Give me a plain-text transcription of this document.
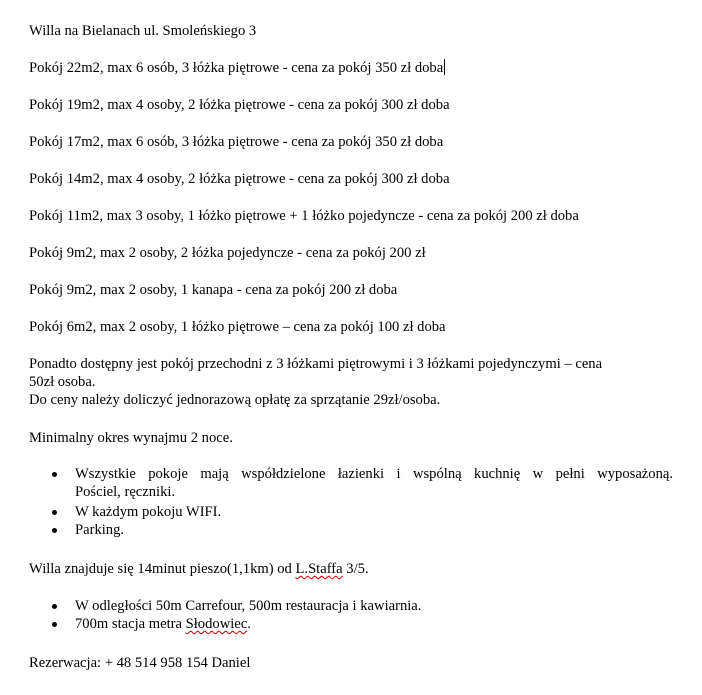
Willa na Bielanach ul. Smoleńskiego 3
Pokój 22m2, max 6 osób, 3 łóżka piętrowe - cena za pokój 350 zł doba
Pokój 19m2, max 4 osoby, 2 łóżka piętrowe - cena za pokój 300 zł doba
Pokój 17m2, max 6 osób, 3 łóżka piętrowe - cena za pokój 350 zł doba
Pokój 14m2, max 4 osoby, 2 łóżka piętrowe - cena za pokój 300 zł doba
Pokój 11m2, max 3 osoby, 1 łóżko piętrowe + 1 łóżko pojedyncze - cena za pokój 200 zł doba
Pokój 9m2, max 2 osoby, 2 łóżka pojedyncze - cena za pokój 200 zł
Pokój 9m2, max 2 osoby, 1 kanapa - cena za pokój 200 zł doba
Pokój 6m2, max 2 osoby, 1 łóżko piętrowe – cena za pokój 100 zł doba
Ponadto dostępny jest pokój przechodni z 3 łóżkami piętrowymi i 3 łóżkami pojedynczymi – cena
50zł osoba.
Do ceny należy doliczyć jednorazową opłatę za sprzątanie 29zł/osoba.
Minimalny okres wynajmu 2 noce.
Wszystkie pokoje mają współdzielone łazienki i wspólną kuchnię w pełni wyposażoną.
Pościel, ręczniki.
W każdym pokoju WIFI.
Parking.
Willa znajduje się 14minut pieszo(1,1km) od L.Staffa 3/5.
W odległości 50m Carrefour, 500m restauracja i kawiarnia.
700m stacja metra Słodowiec.
Rezerwacja: + 48 514 958 154 Daniel
